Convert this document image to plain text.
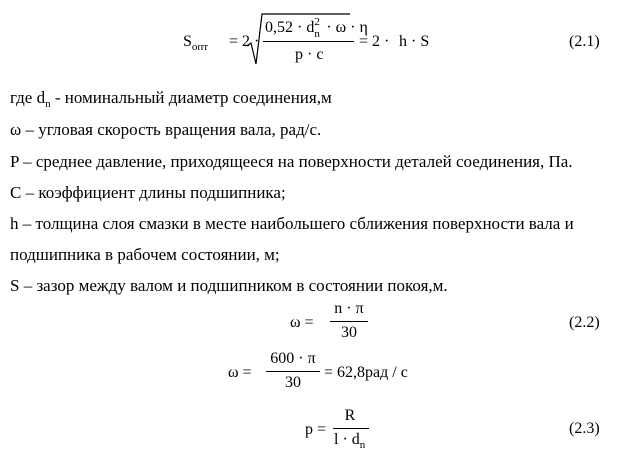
$S_{опт} = 2$ ·
0,52 · d 2
n · ω · η
p · c
= 2 · h · S	(2.1)
где $d_n$ - номинальный диаметр соединения,м
ω – угловая скорость вращения вала, рад/с.
P – среднее давление, приходящееся на поверхности деталей соединения, Па.
C – коэффициент длины подшипника;
h – толщина слоя смазки в месте наибольшего сближения поверхности вала и
подшипника в рабочем состоянии, м;
S – зазор между валом и подшипником в состоянии покоя,м.
ω =
n · π
30
(2.2)
ω =
600 · π
30
= 62,8рад / с
p =
R
$l \cdot d_n$
(2.3)
